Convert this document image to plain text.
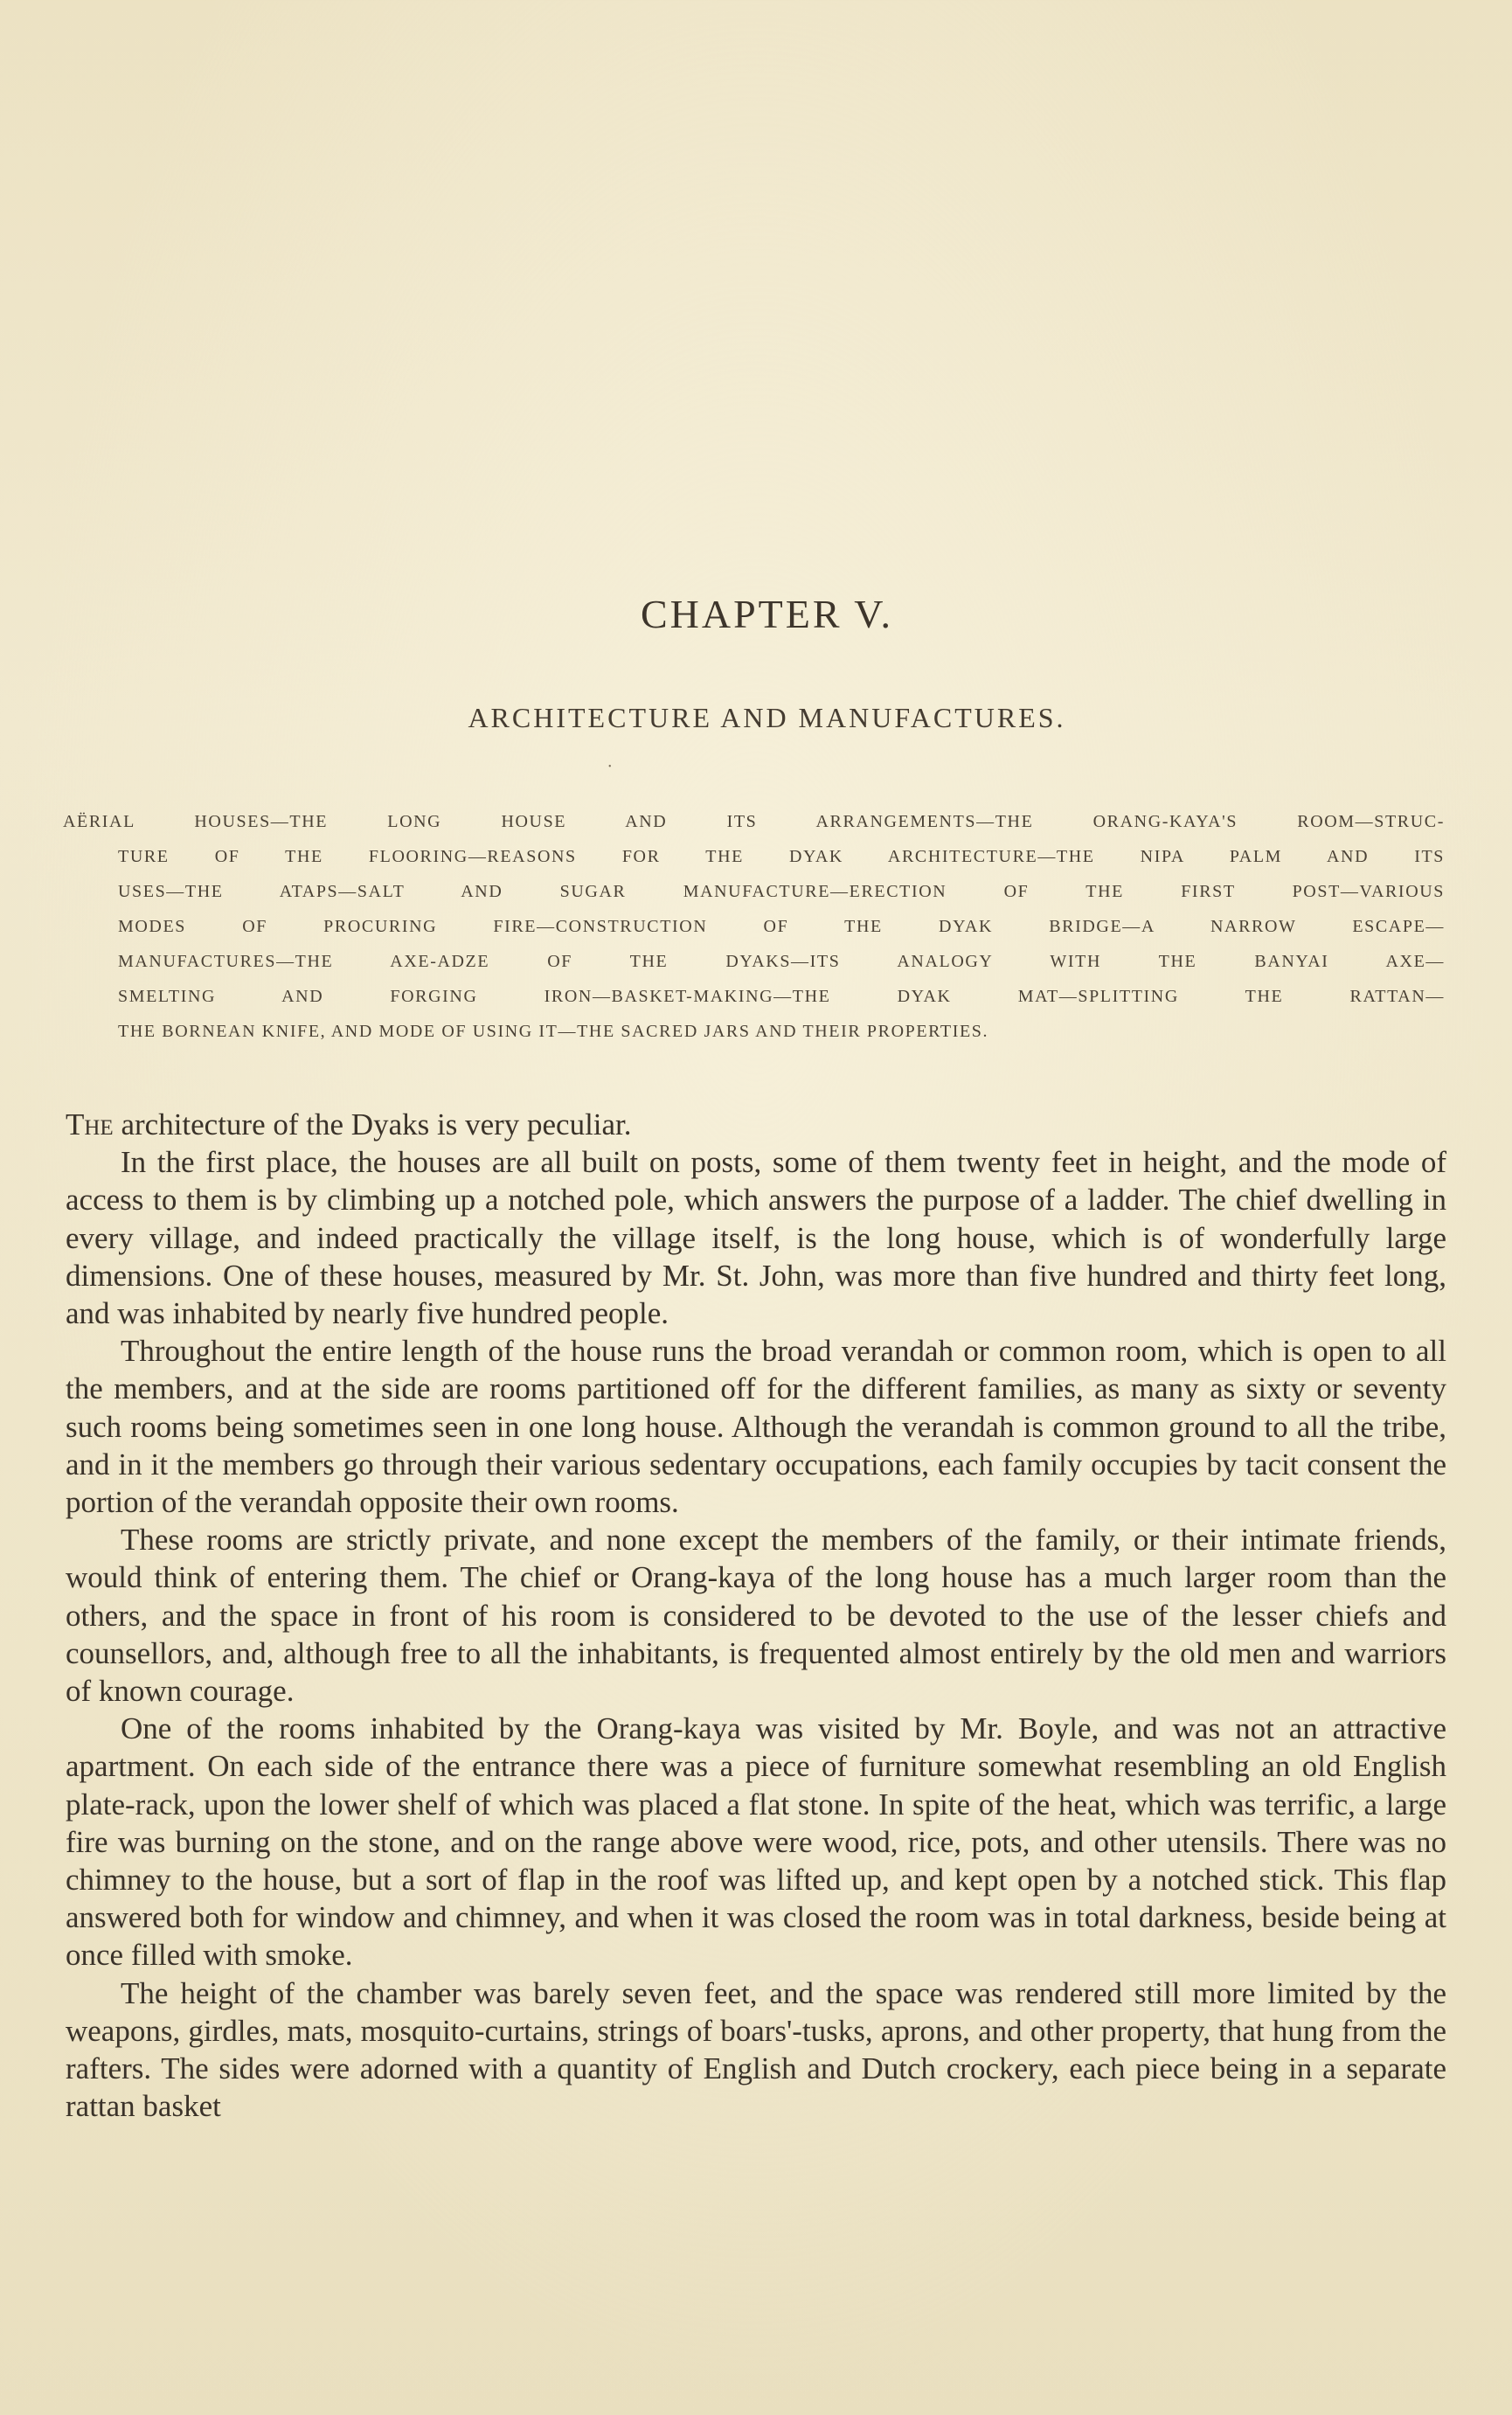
CHAPTER V.
ARCHITECTURE AND MANUFACTURES.
•
AËRIAL HOUSES—THE LONG HOUSE AND ITS ARRANGEMENTS—THE ORANG-KAYA'S ROOM—STRUC-
TURE OF THE FLOORING—REASONS FOR THE DYAK ARCHITECTURE—THE NIPA PALM AND ITS
USES—THE ATAPS—SALT AND SUGAR MANUFACTURE—ERECTION OF THE FIRST POST—VARIOUS
MODES OF PROCURING FIRE—CONSTRUCTION OF THE DYAK BRIDGE—A NARROW ESCAPE—
MANUFACTURES—THE AXE-ADZE OF THE DYAKS—ITS ANALOGY WITH THE BANYAI AXE—
SMELTING AND FORGING IRON—BASKET-MAKING—THE DYAK MAT—SPLITTING THE RATTAN—
THE BORNEAN KNIFE, AND MODE OF USING IT—THE SACRED JARS AND THEIR PROPERTIES.

The architecture of the Dyaks is very peculiar.

In the first place, the houses are all built on posts, some of them twenty feet in height, and the mode of access to them is by climbing up a notched pole, which answers the purpose of a ladder. The chief dwelling in every village, and indeed practically the village itself, is the long house, which is of wonderfully large dimensions. One of these houses, measured by Mr. St. John, was more than five hundred and thirty feet long, and was inhabited by nearly five hundred people.

Throughout the entire length of the house runs the broad verandah or common room, which is open to all the members, and at the side are rooms partitioned off for the different families, as many as sixty or seventy such rooms being sometimes seen in one long house. Although the verandah is common ground to all the tribe, and in it the members go through their various sedentary occupations, each family occupies by tacit consent the portion of the verandah opposite their own rooms.

These rooms are strictly private, and none except the members of the family, or their intimate friends, would think of entering them. The chief or Orang-kaya of the long house has a much larger room than the others, and the space in front of his room is considered to be devoted to the use of the lesser chiefs and counsellors, and, although free to all the inhabitants, is frequented almost entirely by the old men and warriors of known courage.

One of the rooms inhabited by the Orang-kaya was visited by Mr. Boyle, and was not an attractive apartment. On each side of the entrance there was a piece of furniture somewhat resembling an old English plate-rack, upon the lower shelf of which was placed a flat stone. In spite of the heat, which was terrific, a large fire was burning on the stone, and on the range above were wood, rice, pots, and other utensils. There was no chimney to the house, but a sort of flap in the roof was lifted up, and kept open by a notched stick. This flap answered both for window and chimney, and when it was closed the room was in total darkness, beside being at once filled with smoke.

The height of the chamber was barely seven feet, and the space was rendered still more limited by the weapons, girdles, mats, mosquito-curtains, strings of boars'-tusks, aprons, and other property, that hung from the rafters. The sides were adorned with a quantity of English and Dutch crockery, each piece being in a separate rattan basket
